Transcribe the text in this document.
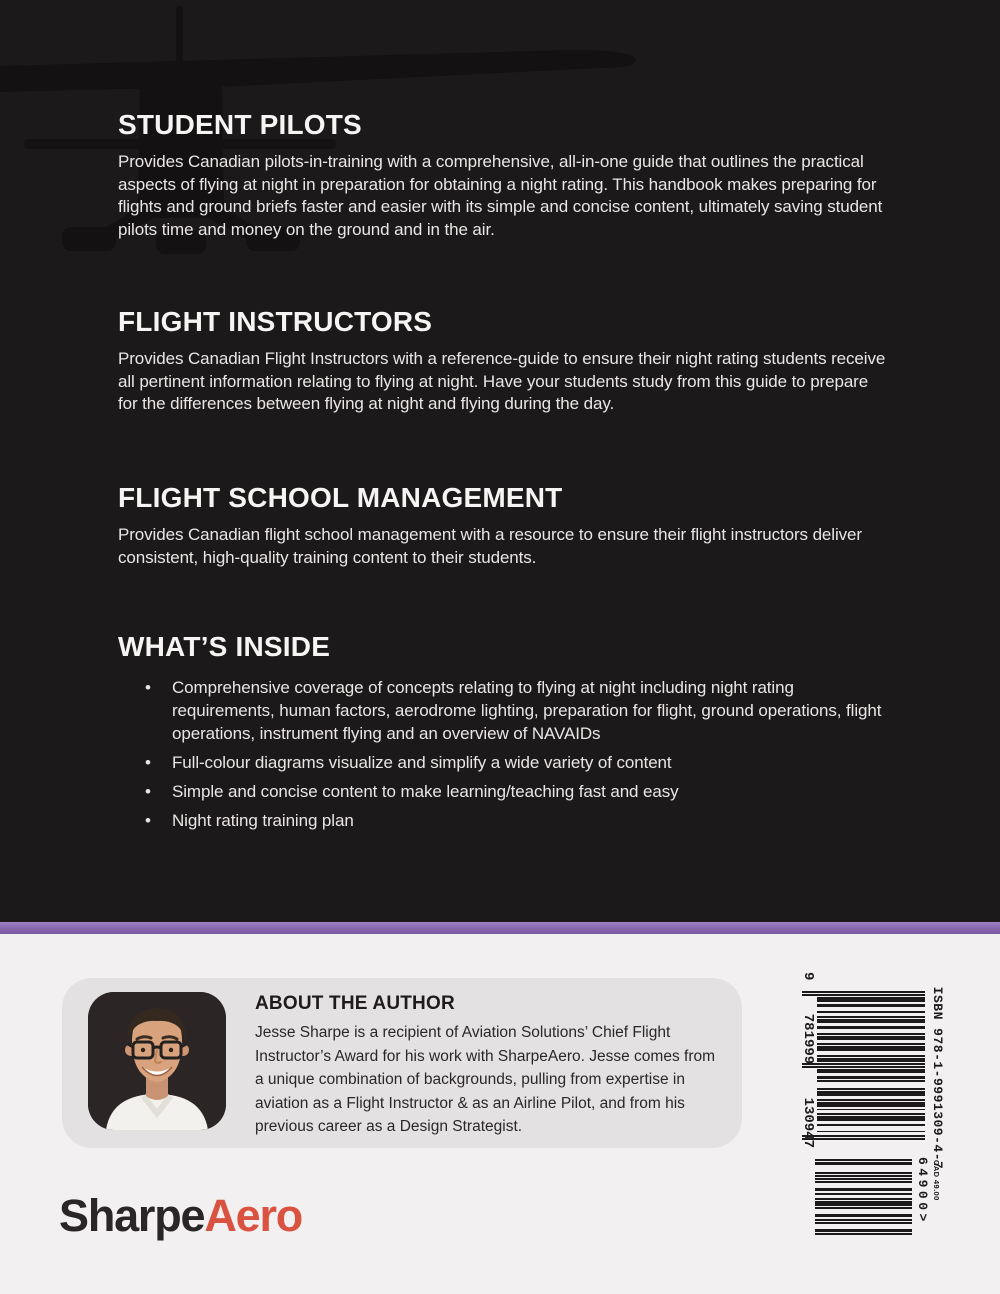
STUDENT PILOTS

Provides Canadian pilots-in-training with a comprehensive, all-in-one guide that outlines the practical aspects of flying at night in preparation for obtaining a night rating. This handbook makes preparing for flights and ground briefs faster and easier with its simple and concise content, ultimately saving student pilots time and money on the ground and in the air.

FLIGHT INSTRUCTORS

Provides Canadian Flight Instructors with a reference-guide to ensure their night rating students receive all pertinent information relating to flying at night. Have your students study from this guide to prepare for the differences between flying at night and flying during the day.

FLIGHT SCHOOL MANAGEMENT

Provides Canadian flight school management with a resource to ensure their flight instructors deliver consistent, high-quality training content to their students.

WHAT’S INSIDE
• Comprehensive coverage of concepts relating to flying at night including night rating requirements, human factors, aerodrome lighting, preparation for flight, ground operations, flight operations, instrument flying and an overview of NAVAIDs
• Full-colour diagrams visualize and simplify a wide variety of content
• Simple and concise content to make learning/teaching fast and easy
• Night rating training plan
ABOUT THE AUTHOR

Jesse Sharpe is a recipient of Aviation Solutions’ Chief Flight Instructor’s Award for his work with SharpeAero. Jesse comes from a unique combination of backgrounds, pulling from expertise in aviation as a Flight Instructor & as an Airline Pilot, and from his previous career as a Design Strategist.

SharpeAero
ISBN 978-1-9991309-4-7
9
781999
130947
CAD 49.00
64900>
